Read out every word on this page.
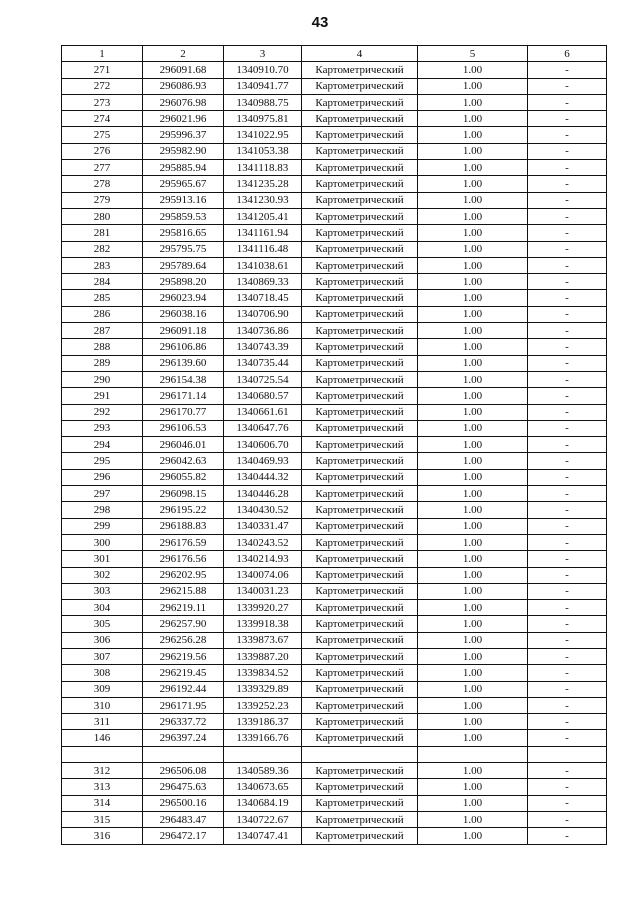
43
1	2	3	4	5	6
271	296091.68	1340910.70	Картометрический	1.00	-
272	296086.93	1340941.77	Картометрический	1.00	-
273	296076.98	1340988.75	Картометрический	1.00	-
274	296021.96	1340975.81	Картометрический	1.00	-
275	295996.37	1341022.95	Картометрический	1.00	-
276	295982.90	1341053.38	Картометрический	1.00	-
277	295885.94	1341118.83	Картометрический	1.00	-
278	295965.67	1341235.28	Картометрический	1.00	-
279	295913.16	1341230.93	Картометрический	1.00	-
280	295859.53	1341205.41	Картометрический	1.00	-
281	295816.65	1341161.94	Картометрический	1.00	-
282	295795.75	1341116.48	Картометрический	1.00	-
283	295789.64	1341038.61	Картометрический	1.00	-
284	295898.20	1340869.33	Картометрический	1.00	-
285	296023.94	1340718.45	Картометрический	1.00	-
286	296038.16	1340706.90	Картометрический	1.00	-
287	296091.18	1340736.86	Картометрический	1.00	-
288	296106.86	1340743.39	Картометрический	1.00	-
289	296139.60	1340735.44	Картометрический	1.00	-
290	296154.38	1340725.54	Картометрический	1.00	-
291	296171.14	1340680.57	Картометрический	1.00	-
292	296170.77	1340661.61	Картометрический	1.00	-
293	296106.53	1340647.76	Картометрический	1.00	-
294	296046.01	1340606.70	Картометрический	1.00	-
295	296042.63	1340469.93	Картометрический	1.00	-
296	296055.82	1340444.32	Картометрический	1.00	-
297	296098.15	1340446.28	Картометрический	1.00	-
298	296195.22	1340430.52	Картометрический	1.00	-
299	296188.83	1340331.47	Картометрический	1.00	-
300	296176.59	1340243.52	Картометрический	1.00	-
301	296176.56	1340214.93	Картометрический	1.00	-
302	296202.95	1340074.06	Картометрический	1.00	-
303	296215.88	1340031.23	Картометрический	1.00	-
304	296219.11	1339920.27	Картометрический	1.00	-
305	296257.90	1339918.38	Картометрический	1.00	-
306	296256.28	1339873.67	Картометрический	1.00	-
307	296219.56	1339887.20	Картометрический	1.00	-
308	296219.45	1339834.52	Картометрический	1.00	-
309	296192.44	1339329.89	Картометрический	1.00	-
310	296171.95	1339252.23	Картометрический	1.00	-
311	296337.72	1339186.37	Картометрический	1.00	-
146	296397.24	1339166.76	Картометрический	1.00	-

312	296506.08	1340589.36	Картометрический	1.00	-
313	296475.63	1340673.65	Картометрический	1.00	-
314	296500.16	1340684.19	Картометрический	1.00	-
315	296483.47	1340722.67	Картометрический	1.00	-
316	296472.17	1340747.41	Картометрический	1.00	-
